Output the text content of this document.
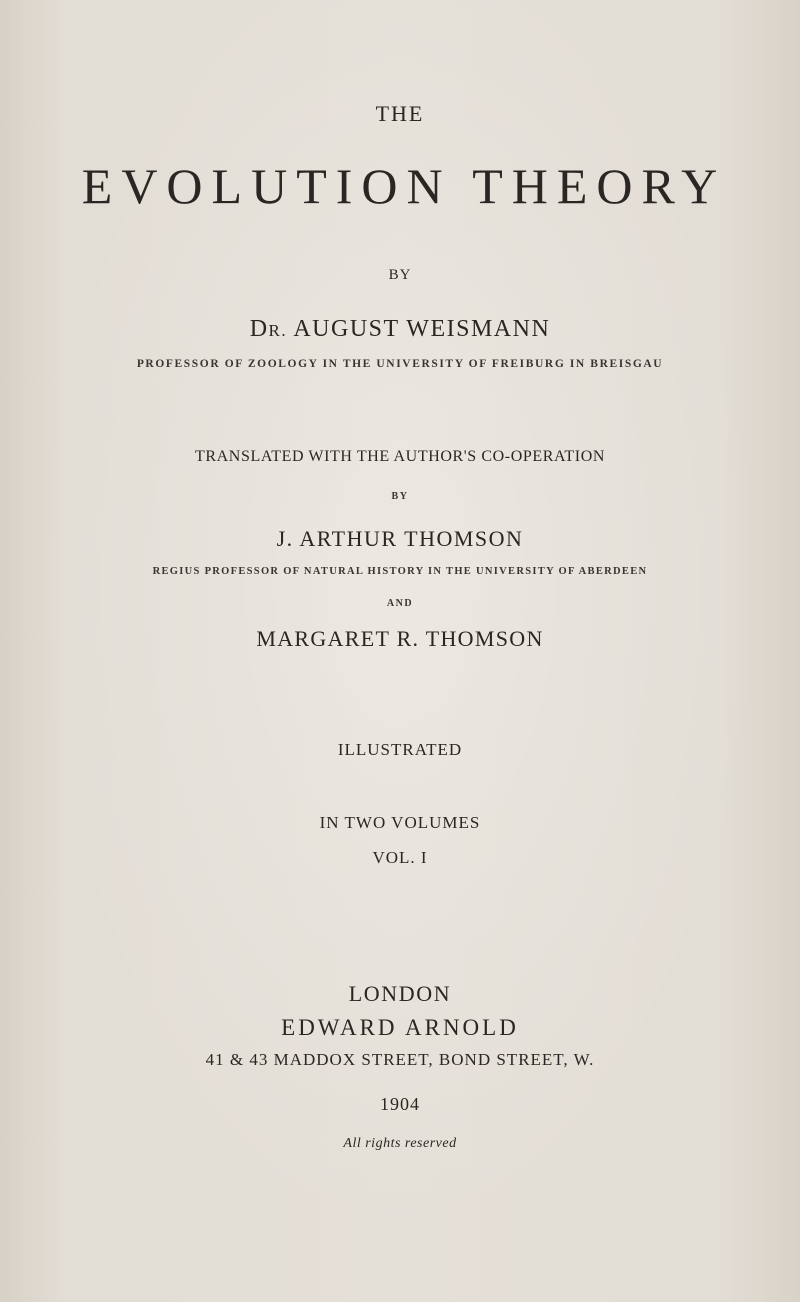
THE
EVOLUTION THEORY
BY
DR. AUGUST WEISMANN
PROFESSOR OF ZOOLOGY IN THE UNIVERSITY OF FREIBURG IN BREISGAU
TRANSLATED WITH THE AUTHOR'S CO-OPERATION
BY
J. ARTHUR THOMSON
REGIUS PROFESSOR OF NATURAL HISTORY IN THE UNIVERSITY OF ABERDEEN
AND
MARGARET R. THOMSON
ILLUSTRATED
IN TWO VOLUMES
VOL. I
LONDON
EDWARD ARNOLD
41 & 43 MADDOX STREET, BOND STREET, W.
1904
All rights reserved
